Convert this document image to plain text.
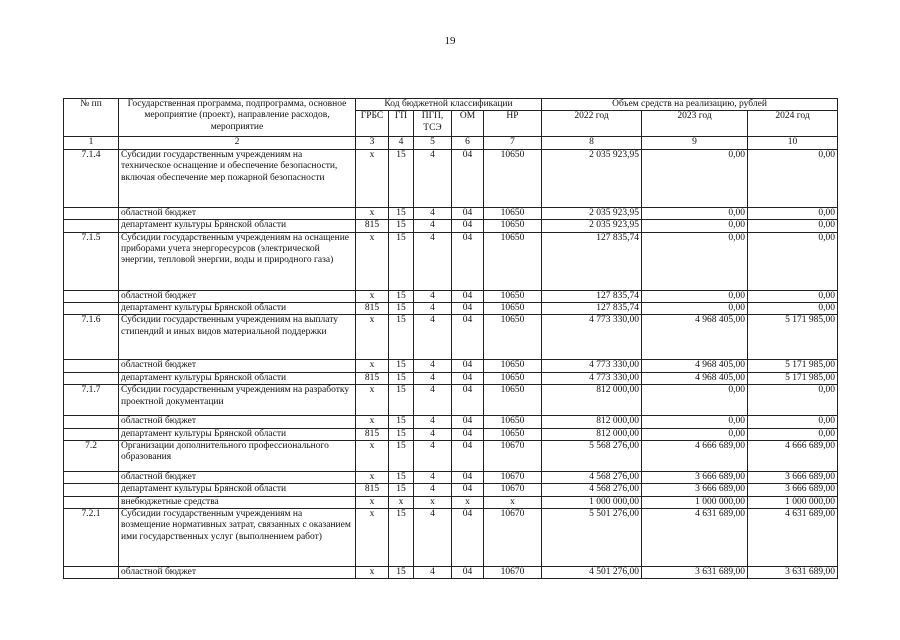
19
№ пп	Государственная программа, подпрограмма, основное мероприятие (проект), направление расходов, мероприятие	Код бюджетной классификации					Объем средств на реализацию, рублей		
		ГРБС	ГП	ПГП, ТСЭ	ОМ	НР	2022 год	2023 год	2024 год
1	2	3	4	5	6	7	8	9	10
7.1.4	Субсидии государственным учреждениям на техническое оснащение и обеспечение безопасности, включая обеспечение мер пожарной безопасности	х	15	4	04	10650	2 035 923,95	0,00	0,00
	областной бюджет	х	15	4	04	10650	2 035 923,95	0,00	0,00
	департамент культуры Брянской области	815	15	4	04	10650	2 035 923,95	0,00	0,00
7.1.5	Субсидии государственным учреждениям на оснащение приборами учета энергоресурсов (электрической энергии, тепловой энергии, воды и природного газа)	х	15	4	04	10650	127 835,74	0,00	0,00
	областной бюджет	х	15	4	04	10650	127 835,74	0,00	0,00
	департамент культуры Брянской области	815	15	4	04	10650	127 835,74	0,00	0,00
7.1.6	Субсидии государственным учреждениям на выплату стипендий и иных видов материальной поддержки	х	15	4	04	10650	4 773 330,00	4 968 405,00	5 171 985,00
	областной бюджет	х	15	4	04	10650	4 773 330,00	4 968 405,00	5 171 985,00
	департамент культуры Брянской области	815	15	4	04	10650	4 773 330,00	4 968 405,00	5 171 985,00
7.1.7	Субсидии государственным учреждениям на разработку проектной документации	х	15	4	04	10650	812 000,00	0,00	0,00
	областной бюджет	х	15	4	04	10650	812 000,00	0,00	0,00
	департамент культуры Брянской области	815	15	4	04	10650	812 000,00	0,00	0,00
7.2	Организации дополнительного профессионального образования	х	15	4	04	10670	5 568 276,00	4 666 689,00	4 666 689,00
	областной бюджет	х	15	4	04	10670	4 568 276,00	3 666 689,00	3 666 689,00
	департамент культуры Брянской области	815	15	4	04	10670	4 568 276,00	3 666 689,00	3 666 689,00
	внебюджетные средства	х	х	х	х	х	1 000 000,00	1 000 000,00	1 000 000,00
7.2.1	Субсидии государственным учреждениям на возмещение нормативных затрат, связанных с оказанием ими государственных услуг (выполнением работ)	х	15	4	04	10670	5 501 276,00	4 631 689,00	4 631 689,00
	областной бюджет	х	15	4	04	10670	4 501 276,00	3 631 689,00	3 631 689,00
